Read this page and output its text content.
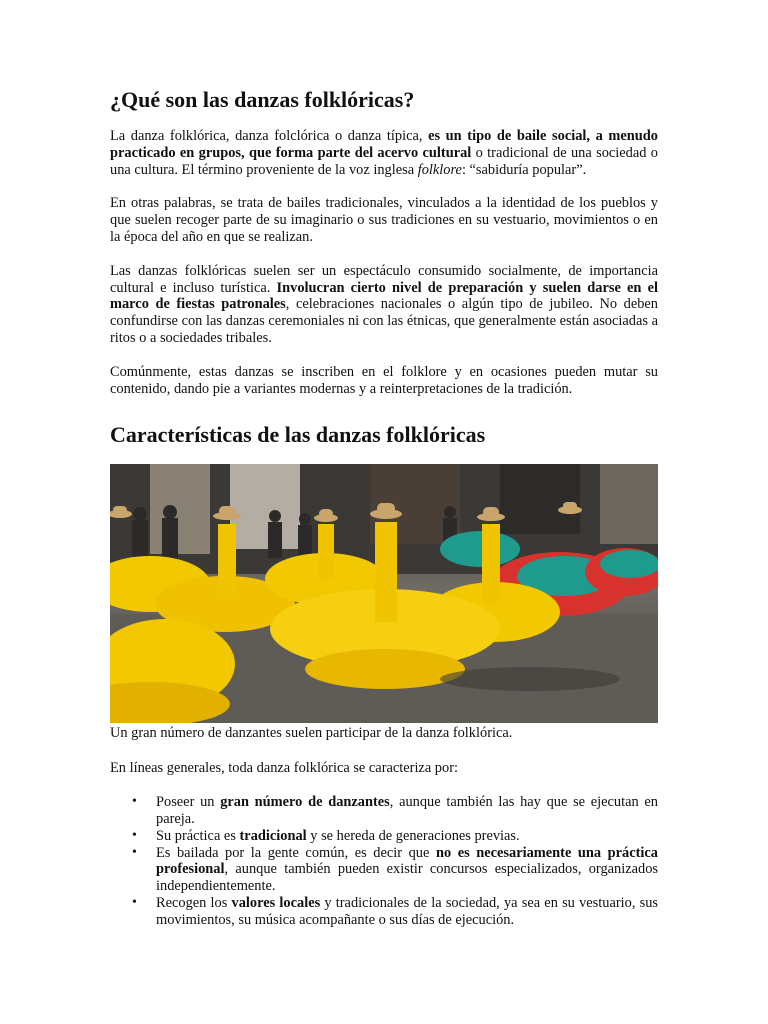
¿Qué son las danzas folklóricas?

La danza folklórica, danza folclórica o danza típica, es un tipo de baile social, a menudo practicado en grupos, que forma parte del acervo cultural o tradicional de una sociedad o una cultura. El término proveniente de la voz inglesa folklore: “sabiduría popular”.

En otras palabras, se trata de bailes tradicionales, vinculados a la identidad de los pueblos y que suelen recoger parte de su imaginario o sus tradiciones en su vestuario, movimientos o en la época del año en que se realizan.

Las danzas folklóricas suelen ser un espectáculo consumido socialmente, de importancia cultural e incluso turística. Involucran cierto nivel de preparación y suelen darse en el marco de fiestas patronales, celebraciones nacionales o algún tipo de jubileo. No deben confundirse con las danzas ceremoniales ni con las étnicas, que generalmente están asociadas a ritos o a sociedades tribales.

Comúnmente, estas danzas se inscriben en el folklore y en ocasiones pueden mutar su contenido, dando pie a variantes modernas y a reinterpretaciones de la tradición.

Características de las danzas folklóricas
Un gran número de danzantes suelen participar de la danza folklórica.

En líneas generales, toda danza folklórica se caracteriza por:

• Poseer un gran número de danzantes, aunque también las hay que se ejecutan en pareja.
• Su práctica es tradicional y se hereda de generaciones previas.
• Es bailada por la gente común, es decir que no es necesariamente una práctica profesional, aunque también pueden existir concursos especializados, organizados independientemente.
• Recogen los valores locales y tradicionales de la sociedad, ya sea en su vestuario, sus movimientos, su música acompañante o sus días de ejecución.
